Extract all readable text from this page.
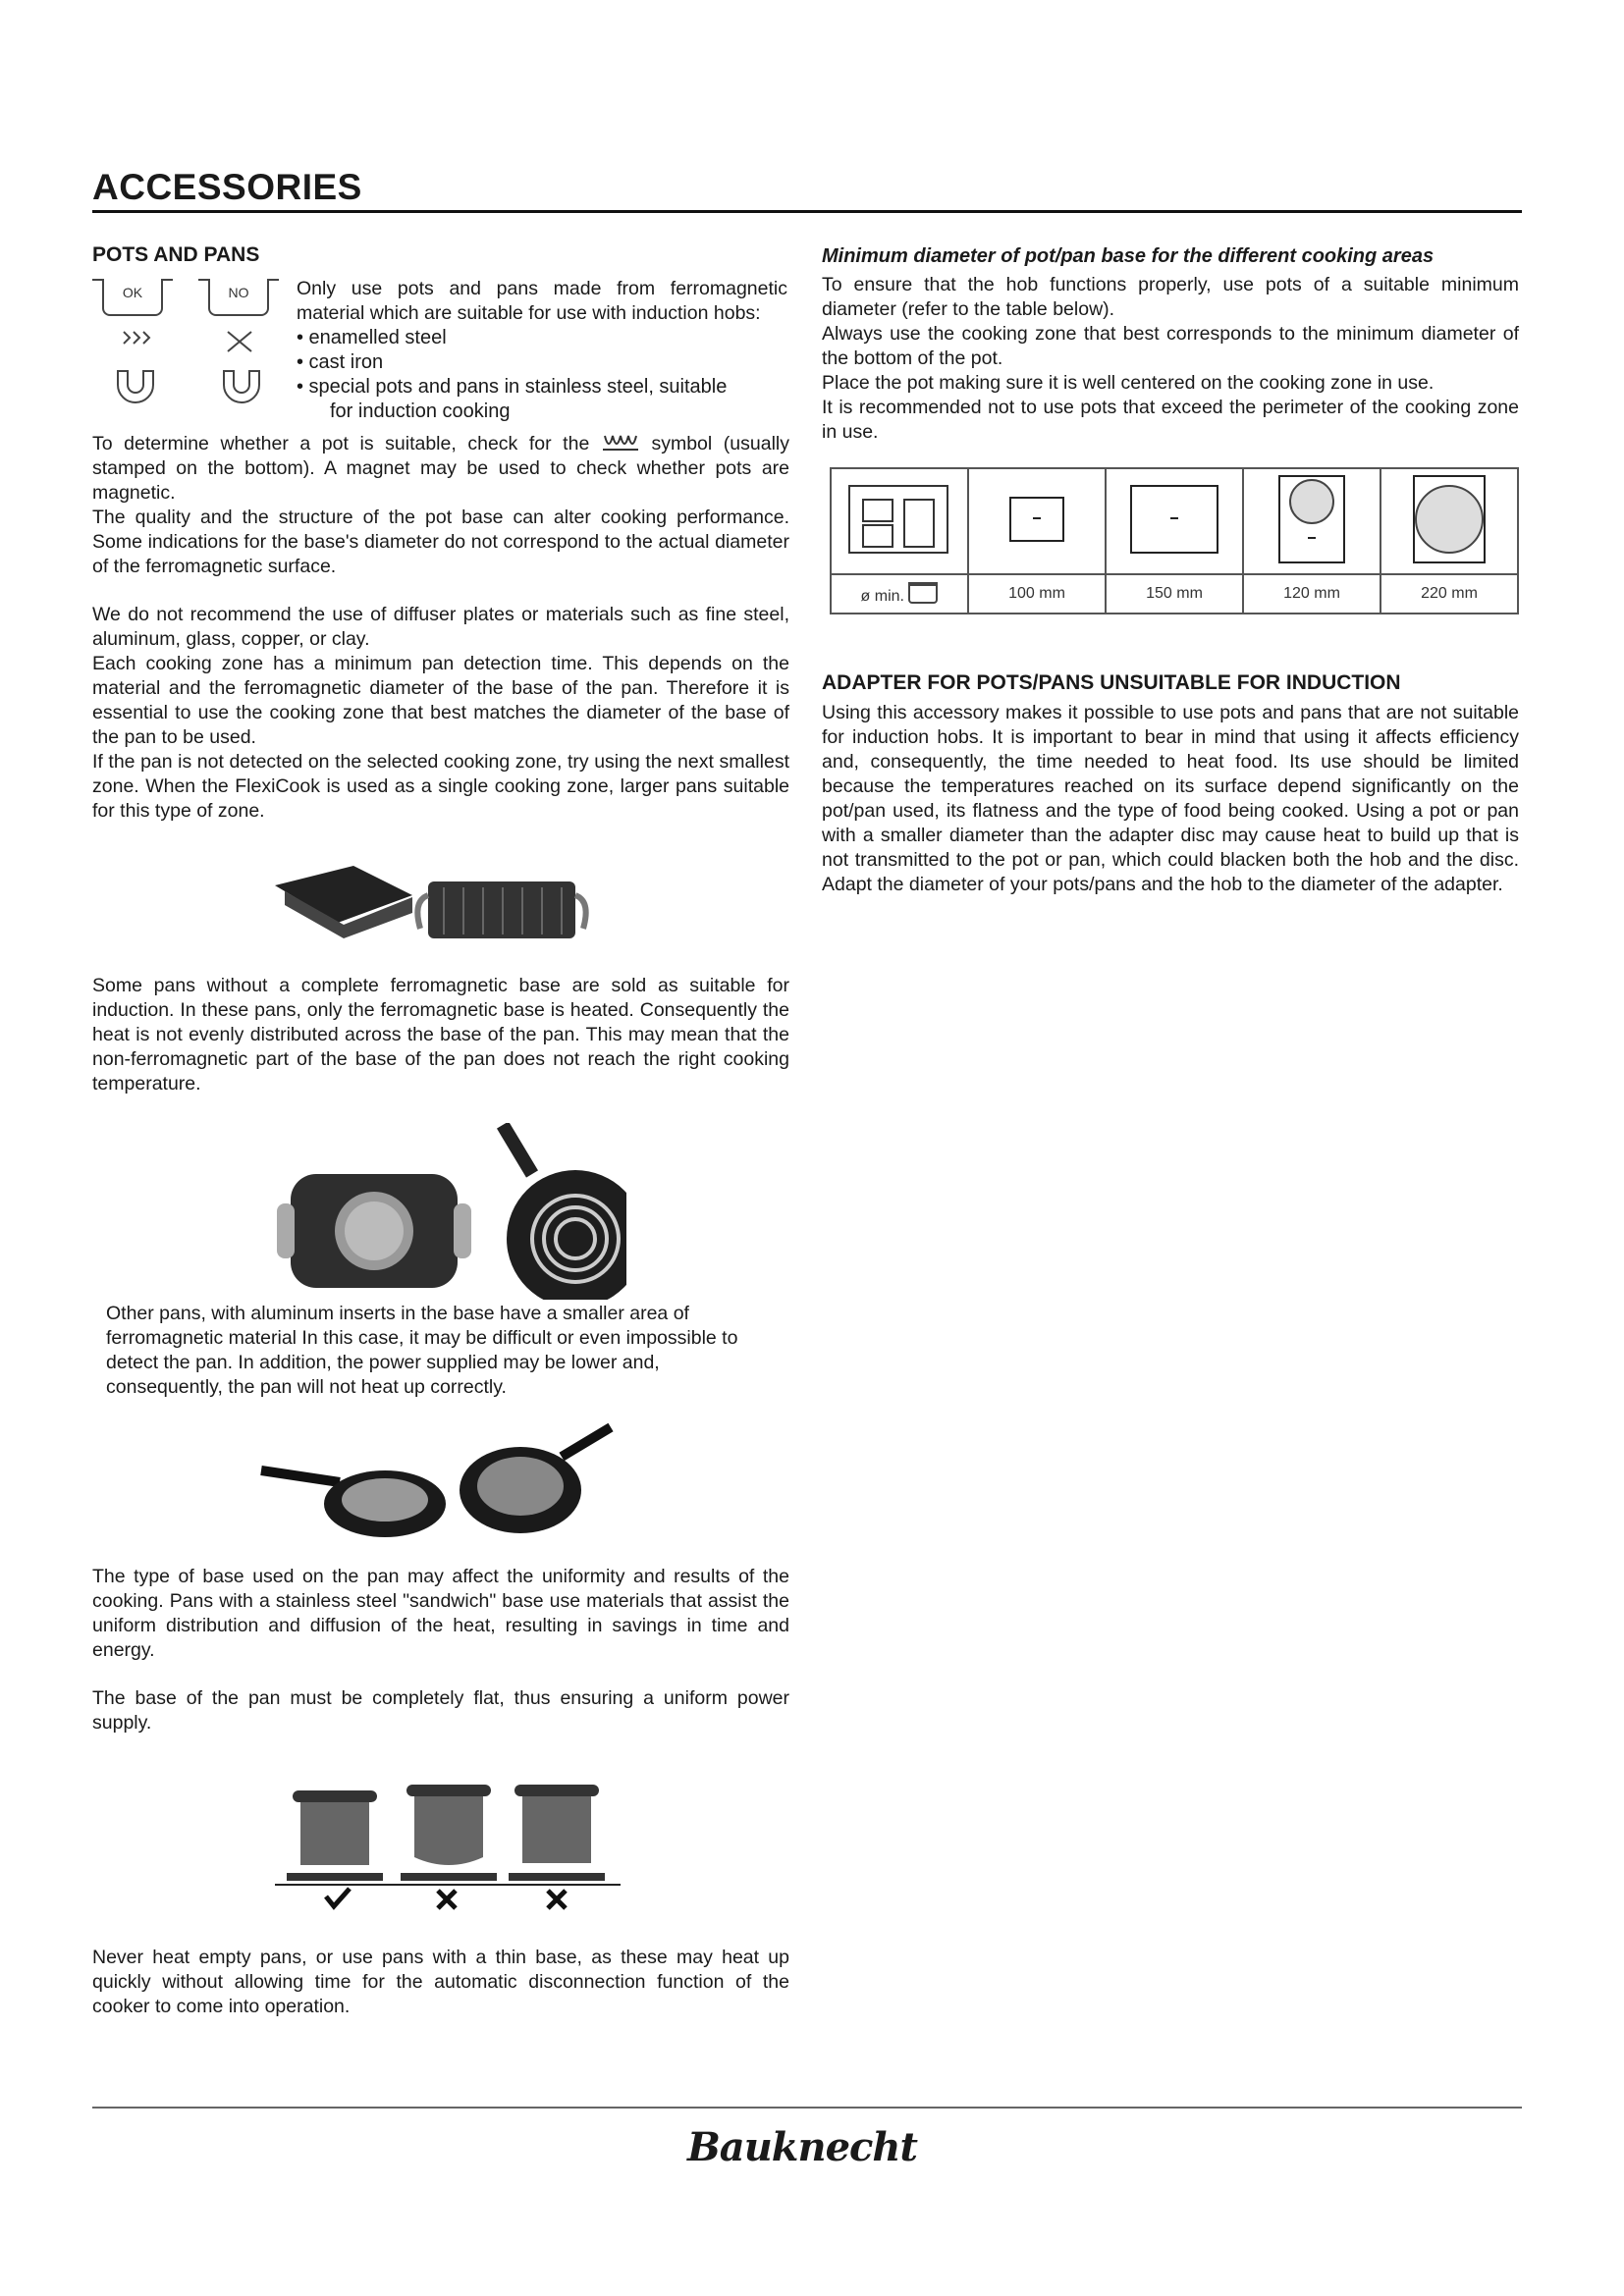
ACCESSORIES
POTS AND PANS
OK	NO	Only use pots and pans made from ferromagnetic material which are suitable for use with induction hobs:
• enamelled steel
• cast iron
• special pots and pans in stainless steel, suitable
for induction cooking
To determine whether a pot is suitable, check for the	symbol (usually stamped on the bottom). A magnet may be used to check whether pots are magnetic.
The quality and the structure of the pot base can alter cooking performance. Some indications for the base's diameter do not correspond to the actual diameter of the ferromagnetic surface.
We do not recommend the use of diffuser plates or materials such as fine steel, aluminum, glass, copper, or clay.
Each cooking zone has a minimum pan detection time. This depends on the material and the ferromagnetic diameter of the base of the pan. Therefore it is essential to use the cooking zone that best matches the diameter of the base of the pan to be used.
If the pan is not detected on the selected cooking zone, try using the next smallest zone. When the FlexiCook is used as a single cooking zone, larger pans suitable for this type of zone.
Some pans without a complete ferromagnetic base are sold as suitable for induction. In these pans, only the ferromagnetic base is heated. Consequently the heat is not evenly distributed across the base of the pan. This may mean that the non-ferromagnetic part of the base of the pan does not reach the right cooking temperature.
Other pans, with aluminum inserts in the base have a smaller area of ferromagnetic material In this case, it may be difficult or even impossible to detect the pan. In addition, the power supplied may be lower and, consequently, the pan will not heat up correctly.
The type of base used on the pan may affect the uniformity and results of the cooking. Pans with a stainless steel "sandwich" base use materials that assist the uniform distribution and diffusion of the heat, resulting in savings in time and energy.
The base of the pan must be completely flat, thus ensuring a uniform power supply.
Never heat empty pans, or use pans with a thin base, as these may heat up quickly without allowing time for the automatic disconnection function of the cooker to come into operation.
Minimum diameter of pot/pan base for the different cooking areas
To ensure that the hob functions properly, use pots of a suitable minimum diameter (refer to the table below).
Always use the cooking zone that best corresponds to the minimum diameter of the bottom of the pot.
Place the pot making sure it is well centered on the cooking zone in use.
It is recommended not to use pots that exceed the perimeter of the cooking zone in use.

ø min.	100 mm	150 mm	120 mm	220 mm
ADAPTER FOR POTS/PANS UNSUITABLE FOR INDUCTION
Using this accessory makes it possible to use pots and pans that are not suitable for induction hobs. It is important to bear in mind that using it affects efficiency and, consequently, the time needed to heat food. Its use should be limited because the temperatures reached on its surface depend significantly on the pot/pan used, its flatness and the type of food being cooked. Using a pot or pan with a smaller diameter than the adapter disc may cause heat to build up that is not transmitted to the pot or pan, which could blacken both the hob and the disc. Adapt the diameter of your pots/pans and the hob to the diameter of the adapter.
Bauknecht
